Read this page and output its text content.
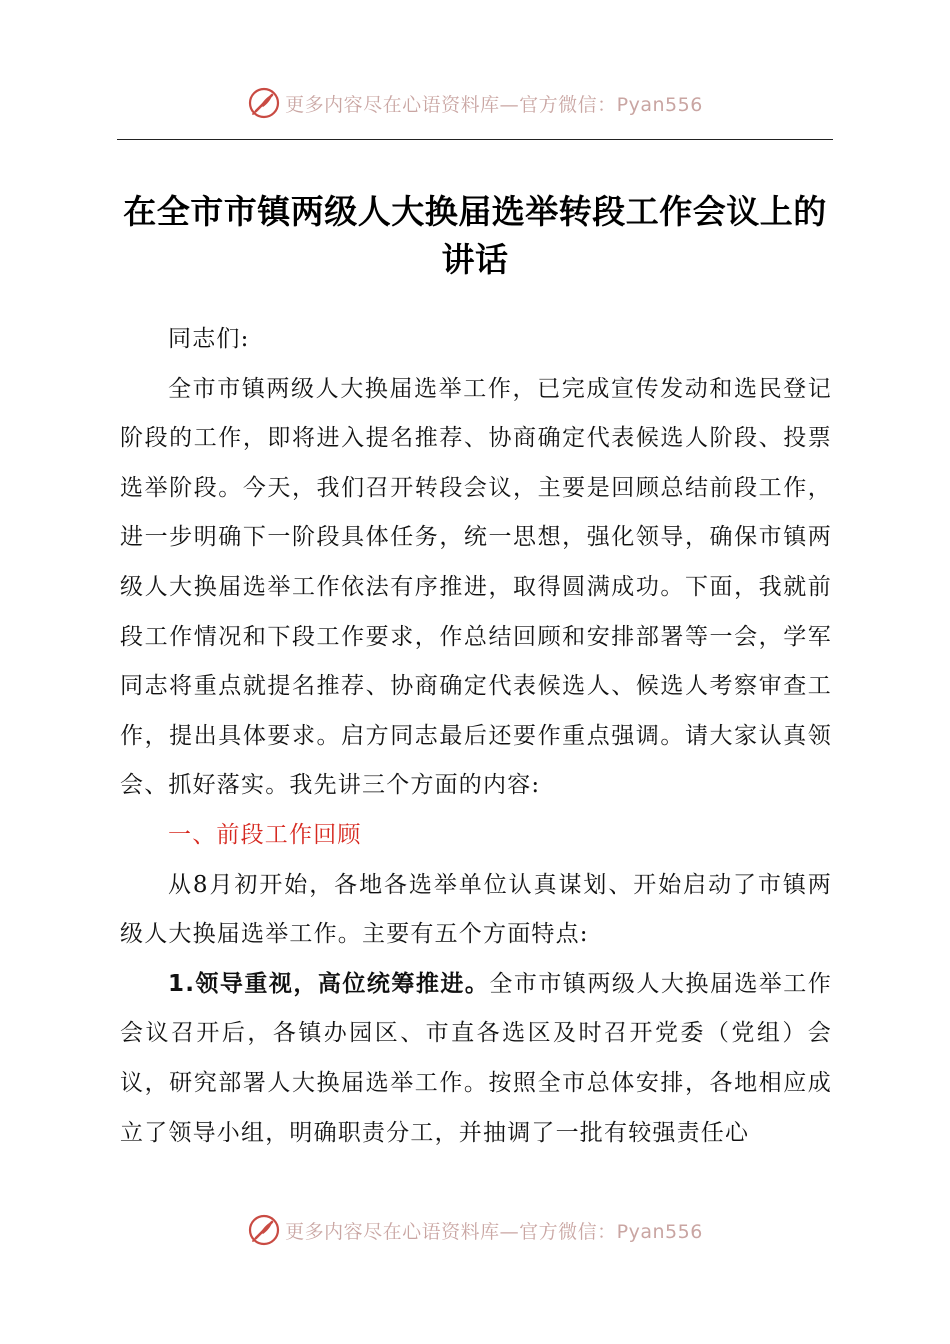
更多内容尽在心语资料库—官方微信：Pyan556
在全市市镇两级人大换届选举转段工作会议上的讲话

同志们:

全市市镇两级人大换届选举工作，已完成宣传发动和选民登记阶段的工作，即将进入提名推荐、协商确定代表候选人阶段、投票选举阶段。今天，我们召开转段会议，主要是回顾总结前段工作，进一步明确下一阶段具体任务，统一思想，强化领导，确保市镇两级人大换届选举工作依法有序推进，取得圆满成功。下面，我就前段工作情况和下段工作要求，作总结回顾和安排部署等一会，学军同志将重点就提名推荐、协商确定代表候选人、候选人考察审查工作，提出具体要求。启方同志最后还要作重点强调。请大家认真领会、抓好落实。我先讲三个方面的内容:

一、前段工作回顾

从8月初开始，各地各选举单位认真谋划、开始启动了市镇两级人大换届选举工作。主要有五个方面特点:

1.领导重视，高位统筹推进。全市市镇两级人大换届选举工作会议召开后，各镇办园区、市直各选区及时召开党委（党组）会议，研究部署人大换届选举工作。按照全市总体安排，各地相应成立了领导小组，明确职责分工，并抽调了一批有较强责任心

更多内容尽在心语资料库—官方微信：Pyan556
